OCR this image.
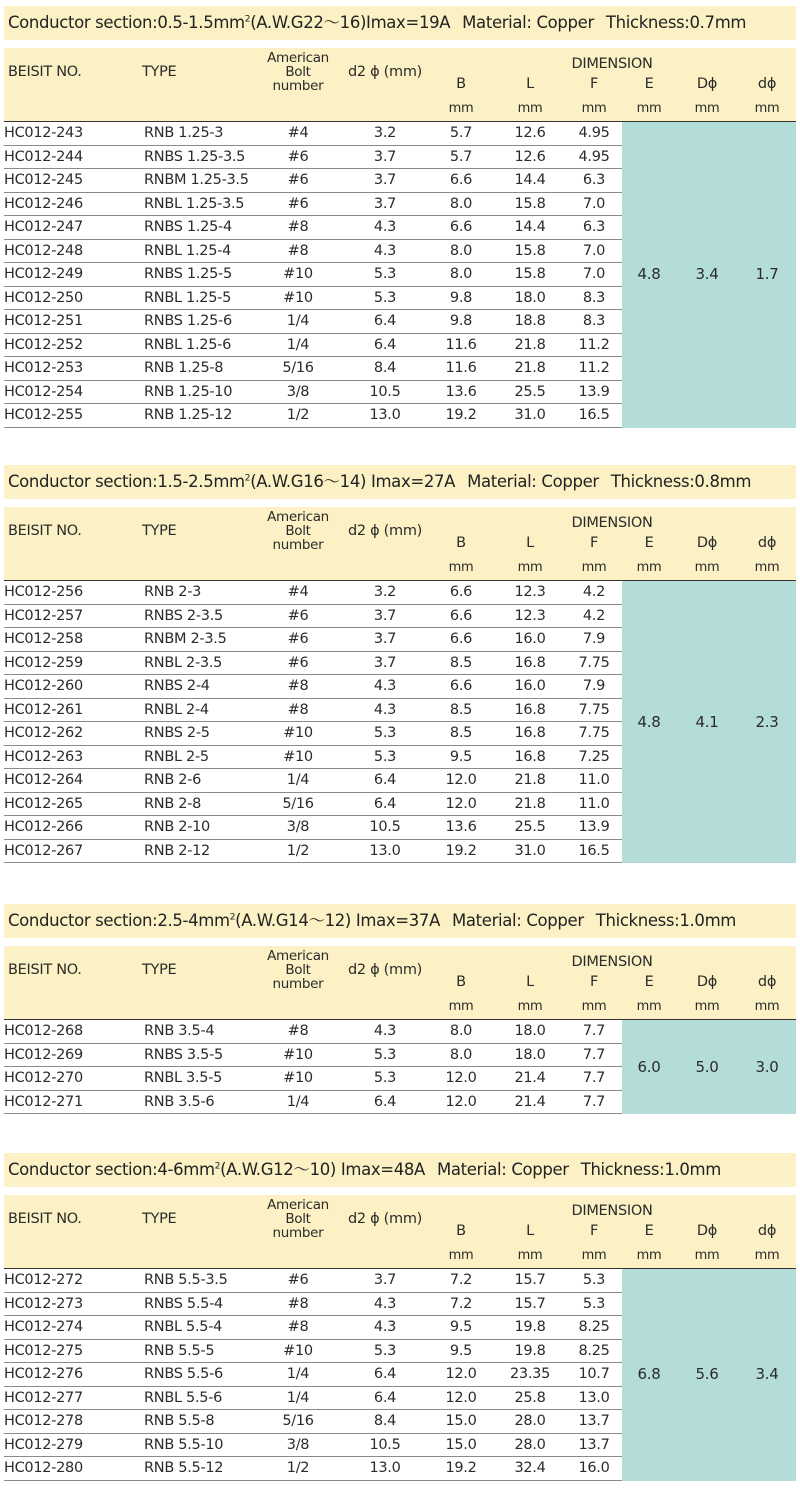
Conductor $section:0.5-1.5mm^2(A.W.G22\sim 16)Imax=19A$ Material: Copper Thickness:0.7mm
BEISIT NO.	TYPE	American
Bolt
number	d2 ϕ (mm)	DIMENSION					
				B	L	F	E	Dϕ	dϕ
				mm	mm	mm	mm	mm	mm
HC012-243	RNB 1.25-3	#4	3.2	5.7	12.6	4.95	4.8	3.4	1.7
HC012-244	RNBS 1.25-3.5	#6	3.7	5.7	12.6	4.95			
HC012-245	RNBM 1.25-3.5	#6	3.7	6.6	14.4	6.3			
HC012-246	RNBL 1.25-3.5	#6	3.7	8.0	15.8	7.0			
HC012-247	RNBS 1.25-4	#8	4.3	6.6	14.4	6.3			
HC012-248	RNBL 1.25-4	#8	4.3	8.0	15.8	7.0			
HC012-249	RNBS 1.25-5	#10	5.3	8.0	15.8	7.0			
HC012-250	RNBL 1.25-5	#10	5.3	9.8	18.0	8.3			
HC012-251	RNBS 1.25-6	1/4	6.4	9.8	18.8	8.3			
HC012-252	RNBL 1.25-6	1/4	6.4	11.6	21.8	11.2			
HC012-253	RNB 1.25-8	5/16	8.4	11.6	21.8	11.2			
HC012-254	RNB 1.25-10	3/8	10.5	13.6	25.5	13.9			
HC012-255	RNB 1.25-12	1/2	13.0	19.2	31.0	16.5			
Conductor $section:1.5-2.5mm^2(A.W.G16\sim 14)$ Imax=27A Material: Copper Thickness:0.8mm
BEISIT NO.	TYPE	American
Bolt
number	d2 ϕ (mm)	DIMENSION					
				B	L	F	E	Dϕ	dϕ
				mm	mm	mm	mm	mm	mm
HC012-256	RNB 2-3	#4	3.2	6.6	12.3	4.2	4.8	4.1	2.3
HC012-257	RNBS 2-3.5	#6	3.7	6.6	12.3	4.2			
HC012-258	RNBM 2-3.5	#6	3.7	6.6	16.0	7.9			
HC012-259	RNBL 2-3.5	#6	3.7	8.5	16.8	7.75			
HC012-260	RNBS 2-4	#8	4.3	6.6	16.0	7.9			
HC012-261	RNBL 2-4	#8	4.3	8.5	16.8	7.75			
HC012-262	RNBS 2-5	#10	5.3	8.5	16.8	7.75			
HC012-263	RNBL 2-5	#10	5.3	9.5	16.8	7.25			
HC012-264	RNB 2-6	1/4	6.4	12.0	21.8	11.0			
HC012-265	RNB 2-8	5/16	6.4	12.0	21.8	11.0			
HC012-266	RNB 2-10	3/8	10.5	13.6	25.5	13.9			
HC012-267	RNB 2-12	1/2	13.0	19.2	31.0	16.5			
Conductor $section:2.5-4mm^2(A.W.G14\sim 12)$ Imax=37A Material: Copper Thickness:1.0mm
BEISIT NO.	TYPE	American
Bolt
number	d2 ϕ (mm)	DIMENSION					
				B	L	F	E	Dϕ	dϕ
				mm	mm	mm	mm	mm	mm
HC012-268	RNB 3.5-4	#8	4.3	8.0	18.0	7.7	6.0	5.0	3.0
HC012-269	RNBS 3.5-5	#10	5.3	8.0	18.0	7.7			
HC012-270	RNBL 3.5-5	#10	5.3	12.0	21.4	7.7			
HC012-271	RNB 3.5-6	1/4	6.4	12.0	21.4	7.7			
Conductor $section:4-6mm^2(A.W.G12\sim 10)$ Imax=48A Material: Copper Thickness:1.0mm
BEISIT NO.	TYPE	American
Bolt
number	d2 ϕ (mm)	DIMENSION					
				B	L	F	E	Dϕ	dϕ
				mm	mm	mm	mm	mm	mm
HC012-272	RNB 5.5-3.5	#6	3.7	7.2	15.7	5.3	6.8	5.6	3.4
HC012-273	RNBS 5.5-4	#8	4.3	7.2	15.7	5.3			
HC012-274	RNBL 5.5-4	#8	4.3	9.5	19.8	8.25			
HC012-275	RNB 5.5-5	#10	5.3	9.5	19.8	8.25			
HC012-276	RNBS 5.5-6	1/4	6.4	12.0	23.35	10.7			
HC012-277	RNBL 5.5-6	1/4	6.4	12.0	25.8	13.0			
HC012-278	RNB 5.5-8	5/16	8.4	15.0	28.0	13.7			
HC012-279	RNB 5.5-10	3/8	10.5	15.0	28.0	13.7			
HC012-280	RNB 5.5-12	1/2	13.0	19.2	32.4	16.0			
